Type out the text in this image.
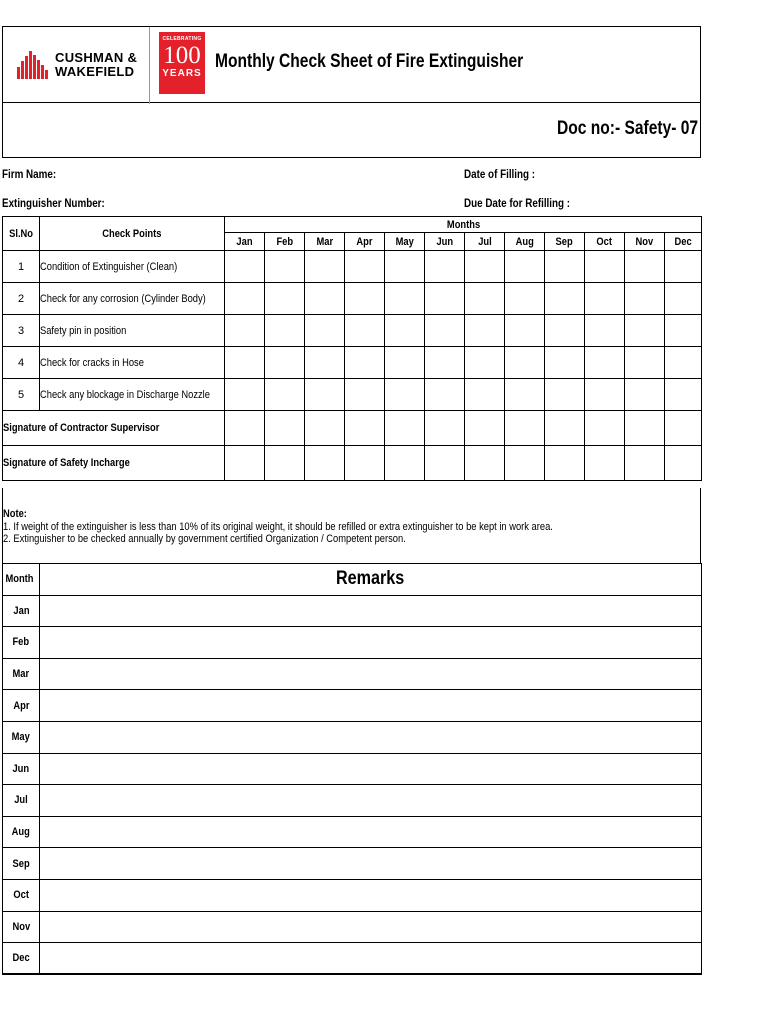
CUSHMAN &
WAKEFIELD
CELEBRATING
100
YEARS
Monthly Check Sheet of Fire Extinguisher
Doc no:- Safety- 07
Firm Name:	Date of Filling :
Extinguisher Number:	Due Date for Refilling :
Sl.No	Check Points	Months											
		Jan	Feb	Mar	Apr	May	Jun	Jul	Aug	Sep	Oct	Nov	Dec
1	Condition of Extinguisher (Clean)												
2	Check for any corrosion (Cylinder Body)												
3	Safety pin in position												
4	Check for cracks in Hose												
5	Check any blockage in Discharge Nozzle												
Signature of Contractor Supervisor													
Signature of Safety Incharge													
Note:
1. If weight of the extinguisher is less than 10% of its original weight, it should be refilled or extra extinguisher to be kept in work area.
2. Extinguisher to be checked annually by government certified Organization / Competent person.
Month	Remarks
Jan	
Feb	
Mar	
Apr	
May	
Jun	
Jul	
Aug	
Sep	
Oct	
Nov	
Dec	
